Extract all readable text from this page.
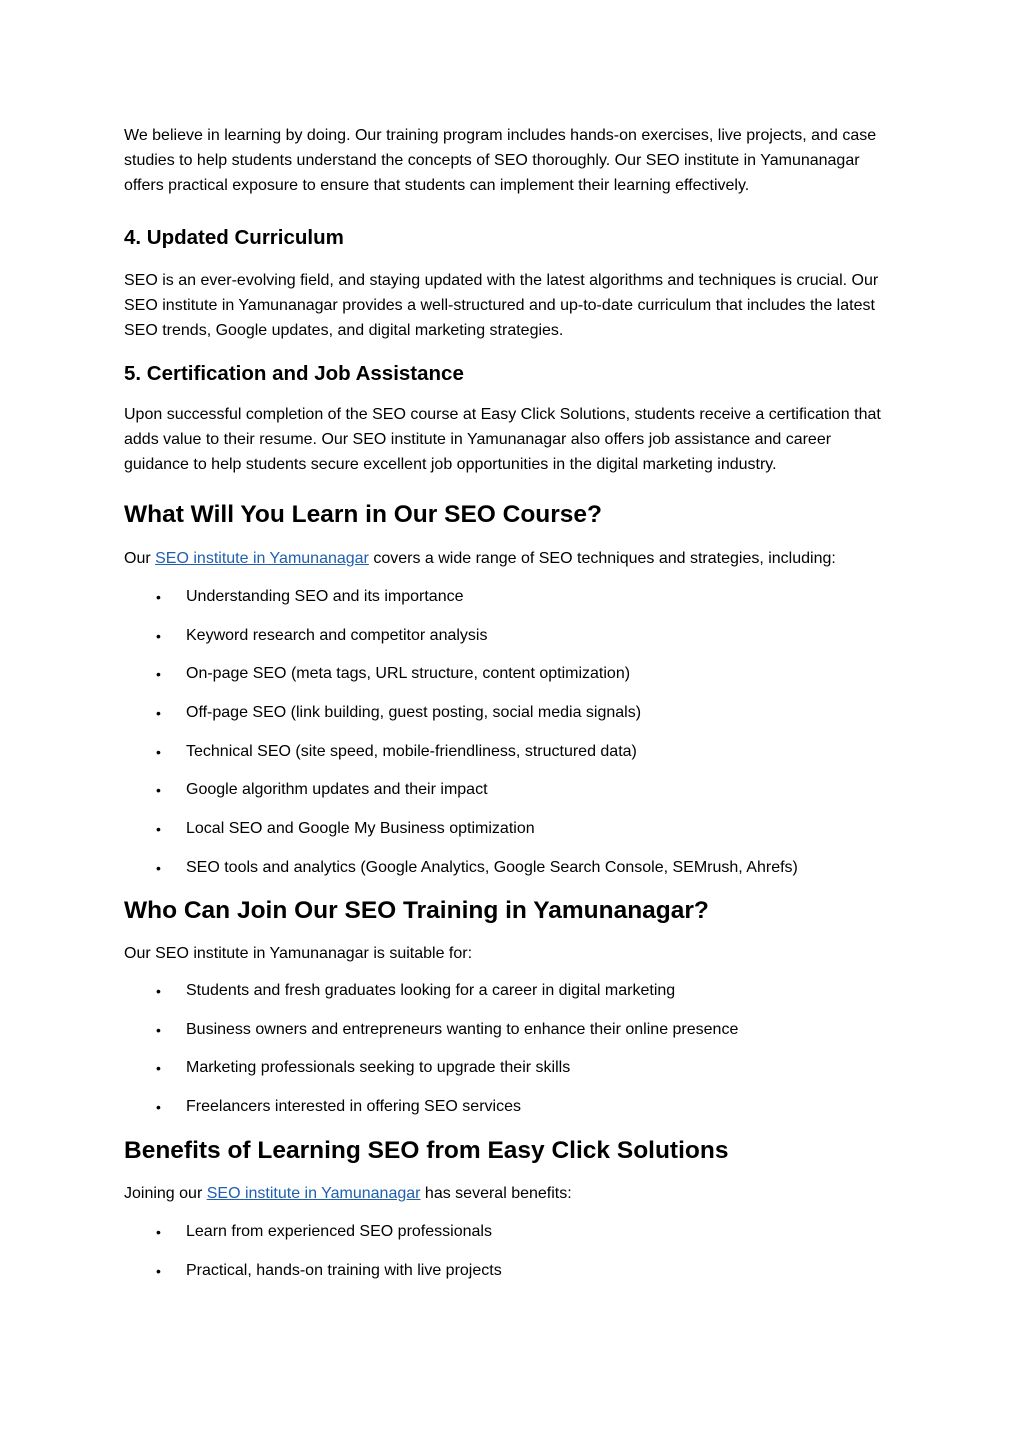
We believe in learning by doing. Our training program includes hands-on exercises, live projects, and case studies to help students understand the concepts of SEO thoroughly. Our SEO institute in Yamunanagar offers practical exposure to ensure that students can implement their learning effectively.

4. Updated Curriculum

SEO is an ever-evolving field, and staying updated with the latest algorithms and techniques is crucial. Our SEO institute in Yamunanagar provides a well-structured and up-to-date curriculum that includes the latest SEO trends, Google updates, and digital marketing strategies.

5. Certification and Job Assistance

Upon successful completion of the SEO course at Easy Click Solutions, students receive a certification that adds value to their resume. Our SEO institute in Yamunanagar also offers job assistance and career guidance to help students secure excellent job opportunities in the digital marketing industry.

What Will You Learn in Our SEO Course?

Our SEO institute in Yamunanagar covers a wide range of SEO techniques and strategies, including:

• Understanding SEO and its importance
• Keyword research and competitor analysis
• On-page SEO (meta tags, URL structure, content optimization)
• Off-page SEO (link building, guest posting, social media signals)
• Technical SEO (site speed, mobile-friendliness, structured data)
• Google algorithm updates and their impact
• Local SEO and Google My Business optimization
• SEO tools and analytics (Google Analytics, Google Search Console, SEMrush, Ahrefs)
Who Can Join Our SEO Training in Yamunanagar?

Our SEO institute in Yamunanagar is suitable for:

• Students and fresh graduates looking for a career in digital marketing
• Business owners and entrepreneurs wanting to enhance their online presence
• Marketing professionals seeking to upgrade their skills
• Freelancers interested in offering SEO services
Benefits of Learning SEO from Easy Click Solutions

Joining our SEO institute in Yamunanagar has several benefits:

• Learn from experienced SEO professionals
• Practical, hands-on training with live projects
